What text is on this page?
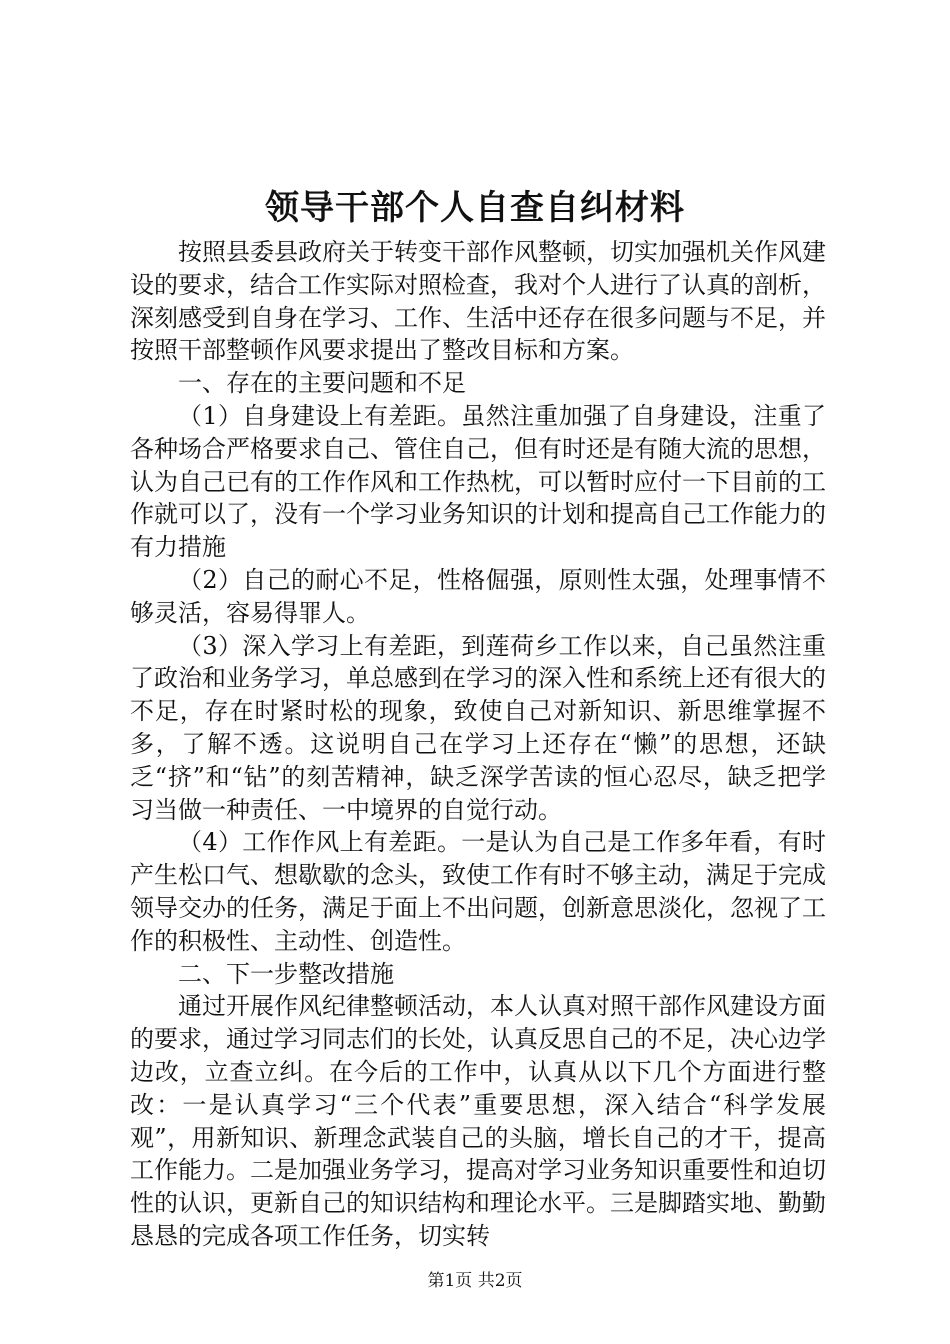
领导干部个人自查自纠材料

按照县委县政府关于转变干部作风整顿，切实加强机关作风建设的要求，结合工作实际对照检查，我对个人进行了认真的剖析，深刻感受到自身在学习、工作、生活中还存在很多问题与不足，并按照干部整顿作风要求提出了整改目标和方案。

一、存在的主要问题和不足

（1）自身建设上有差距。虽然注重加强了自身建设，注重了各种场合严格要求自己、管住自己，但有时还是有随大流的思想，认为自己已有的工作作风和工作热枕，可以暂时应付一下目前的工作就可以了，没有一个学习业务知识的计划和提高自己工作能力的有力措施

（2）自己的耐心不足，性格倔强，原则性太强，处理事情不够灵活，容易得罪人。

（3）深入学习上有差距，到莲荷乡工作以来，自己虽然注重了政治和业务学习，单总感到在学习的深入性和系统上还有很大的不足，存在时紧时松的现象，致使自己对新知识、新思维掌握不多，了解不透。这说明自己在学习上还存在“懒”的思想，还缺乏“挤”和“钻”的刻苦精神，缺乏深学苦读的恒心忍尽，缺乏把学习当做一种责任、一中境界的自觉行动。

（4）工作作风上有差距。一是认为自己是工作多年看，有时产生松口气、想歇歇的念头，致使工作有时不够主动，满足于完成领导交办的任务，满足于面上不出问题，创新意思淡化，忽视了工作的积极性、主动性、创造性。

二、下一步整改措施

通过开展作风纪律整顿活动，本人认真对照干部作风建设方面的要求，通过学习同志们的长处，认真反思自己的不足，决心边学边改，立查立纠。在今后的工作中，认真从以下几个方面进行整改：一是认真学习“三个代表”重要思想，深入结合“科学发展观”，用新知识、新理念武装自己的头脑，增长自己的才干，提高工作能力。二是加强业务学习，提高对学习业务知识重要性和迫切性的认识，更新自己的知识结构和理论水平。三是脚踏实地、勤勤恳恳的完成各项工作任务，切实转

第1页 共2页
